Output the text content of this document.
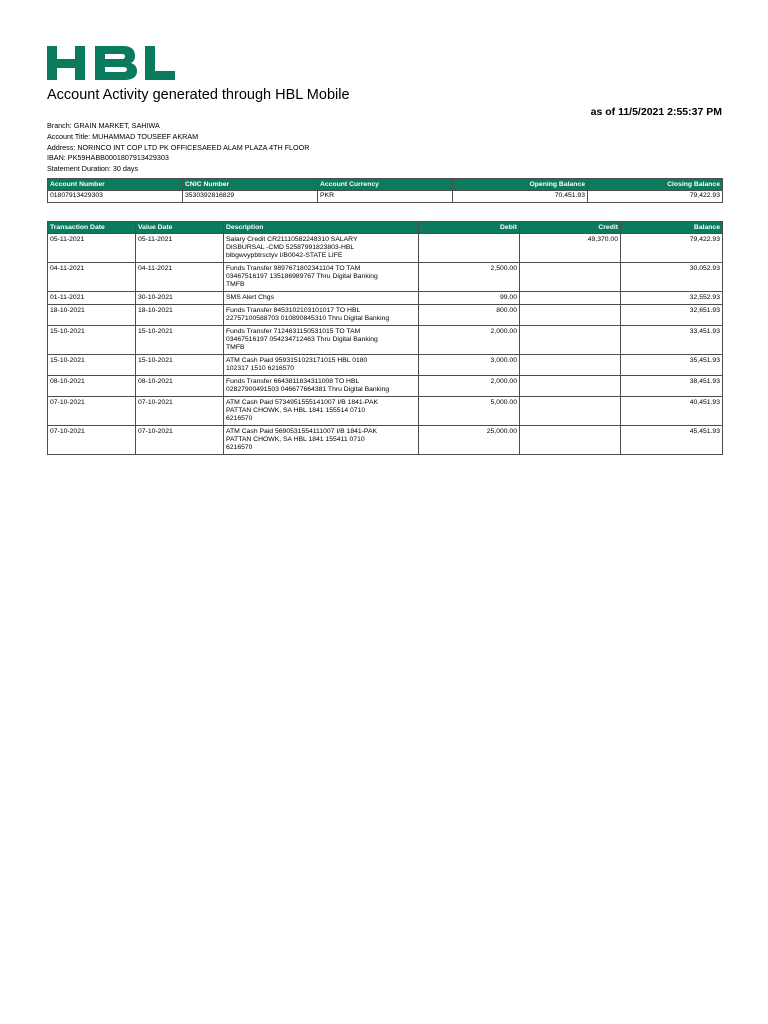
Account Activity generated through HBL Mobile
as of 11/5/2021 2:55:37 PM
Branch: GRAIN MARKET, SAHIWA
Account Title: MUHAMMAD TOUSEEF AKRAM
Address: NORINCO INT COP LTD PK OFFICESAEED ALAM PLAZA 4TH FLOOR
IBAN: PK59HABB0001807913429303
Statement Duration: 30 days
Account Number	CNIC Number	Account Currency	Opening Balance	Closing Balance
01807913429303	3530392816829	PKR	70,451.93	79,422.93
Transaction Date	Value Date	Description	Debit	Credit	Balance
05-11-2021	05-11-2021	Salary Credit CR21110582248310 SALARY
DISBURSAL -CMD 52587991823803-HBL
blbgwvypbtrsctyv I/B0042-STATE LIFE		49,370.00	79,422.93
04-11-2021	04-11-2021	Funds Transfer 9897671802341104 TO TAM
03467516197 135186989767 Thru Digital Banking
TMFB	2,500.00		30,052.93
01-11-2021	30-10-2021	SMS Alert Chgs	99.00		32,552.93
18-10-2021	18-10-2021	Funds Transfer 8453102103101017 TO HBL
22757100588703 010890845310 Thru Digital Banking	800.00		32,651.93
15-10-2021	15-10-2021	Funds Transfer 7124631150531015 TO TAM
03467516197 054234712463 Thru Digital Banking
TMFB	2,000.00		33,451.93
15-10-2021	15-10-2021	ATM Cash Paid 9593151023171015 HBL 0180
102317 1510 6216570	3,000.00		35,451.93
08-10-2021	08-10-2021	Funds Transfer 6643811834311008 TO HBL
02827900491503 046677664381 Thru Digital Banking	2,000.00		38,451.93
07-10-2021	07-10-2021	ATM Cash Paid 5734951555141007 I/B 1841-PAK
PATTAN CHOWK, SA HBL 1841 155514 0710
6216570	5,000.00		40,451.93
07-10-2021	07-10-2021	ATM Cash Paid 5690531554111007 I/B 1841-PAK
PATTAN CHOWK, SA HBL 1841 155411 0710
6216570	25,000.00		45,451.93
